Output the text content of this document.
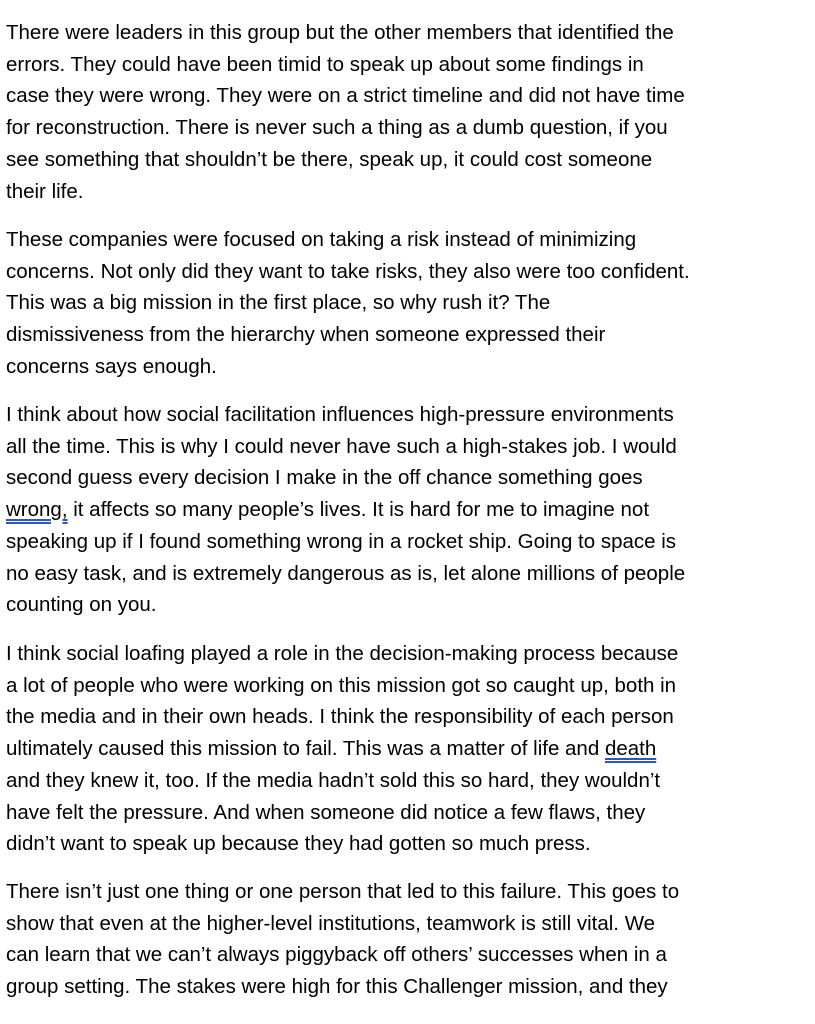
There were leaders in this group but the other members that identified the
errors. They could have been timid to speak up about some findings in
case they were wrong. They were on a strict timeline and did not have time
for reconstruction. There is never such a thing as a dumb question, if you
see something that shouldn’t be there, speak up, it could cost someone
their life.

These companies were focused on taking a risk instead of minimizing
concerns. Not only did they want to take risks, they also were too confident.
This was a big mission in the first place, so why rush it? The
dismissiveness from the hierarchy when someone expressed their
concerns says enough.

I think about how social facilitation influences high-pressure environments
all the time. This is why I could never have such a high-stakes job. I would
second guess every decision I make in the off chance something goes
wrong, it affects so many people’s lives. It is hard for me to imagine not
speaking up if I found something wrong in a rocket ship. Going to space is
no easy task, and is extremely dangerous as is, let alone millions of people
counting on you.

I think social loafing played a role in the decision-making process because
a lot of people who were working on this mission got so caught up, both in
the media and in their own heads. I think the responsibility of each person
ultimately caused this mission to fail. This was a matter of life and death
and they knew it, too. If the media hadn’t sold this so hard, they wouldn’t
have felt the pressure. And when someone did notice a few flaws, they
didn’t want to speak up because they had gotten so much press.

There isn’t just one thing or one person that led to this failure. This goes to
show that even at the higher-level institutions, teamwork is still vital. We
can learn that we can’t always piggyback off others’ successes when in a
group setting. The stakes were high for this Challenger mission, and they
